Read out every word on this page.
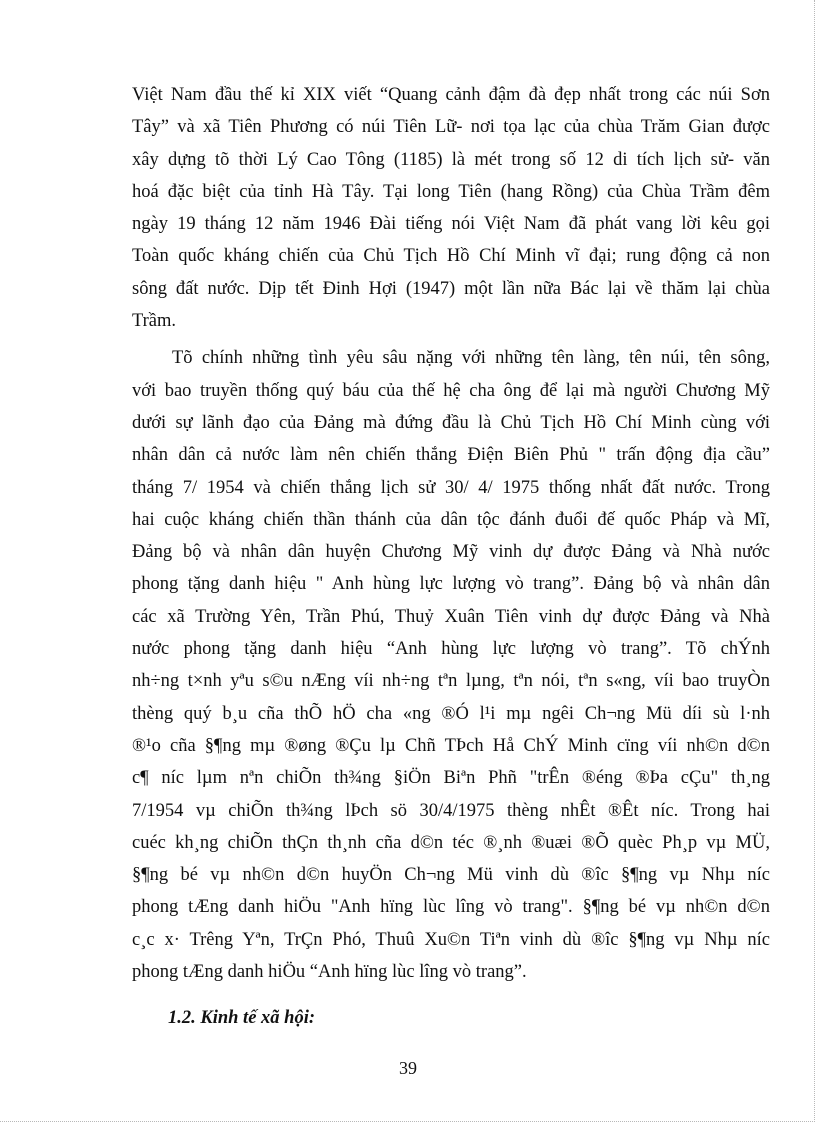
Việt Nam đầu thế kỉ XIX viết “Quang cảnh đậm đà đẹp nhất trong các núi Sơn
Tây” và xã Tiên Phương có núi Tiên Lữ- nơi tọa lạc của chùa Trăm Gian được
xây dựng tõ thời Lý Cao Tông (1185) là mét trong số 12 di tích lịch sử- văn
hoá đặc biệt của tỉnh Hà Tây. Tại long Tiên (hang Rồng) của Chùa Trầm đêm
ngày 19 tháng 12 năm 1946 Đài tiếng nói Việt Nam đã phát vang lời kêu gọi
Toàn quốc kháng chiến của Chủ Tịch Hồ Chí Minh vĩ đại; rung động cả non
sông đất nước. Dịp tết Đinh Hợi (1947) một lần nữa Bác lại về thăm lại chùa
Trầm.

Tõ chính những tình yêu sâu nặng với những tên làng, tên núi, tên sông,
với bao truyền thống quý báu của thế hệ cha ông để lại mà người Chương Mỹ
dưới sự lãnh đạo của Đảng mà đứng đầu là Chủ Tịch Hồ Chí Minh cùng với
nhân dân cả nước làm nên chiến thắng Điện Biên Phủ " trấn động địa cầu”
tháng 7/ 1954 và chiến thắng lịch sử 30/ 4/ 1975 thống nhất đất nước. Trong
hai cuộc kháng chiến thần thánh của dân tộc đánh đuổi đế quốc Pháp và Mĩ,
Đảng bộ và nhân dân huyện Chương Mỹ vinh dự được Đảng và Nhà nước
phong tặng danh hiệu " Anh hùng lực lượng vò trang”. Đảng bộ và nhân dân
các xã Trường Yên, Trần Phú, Thuỷ Xuân Tiên vinh dự được Đảng và Nhà
nước phong tặng danh hiệu “Anh hùng lực lượng vò trang”. Tõ chÝnh
nh÷ng t×nh yªu s©u nÆng víi nh÷ng tªn lµng, tªn nói, tªn s«ng, víi bao truyÒn
thèng quý b¸u cña thÕ hÖ cha «ng ®Ó l¹i mµ ngêi Ch¬ng Mü díi sù l·nh
®¹o cña §¶ng mµ ®øng ®Çu lµ Chñ TÞch Hå ChÝ Minh cïng víi nh©n d©n
c¶ níc lµm nªn chiÕn th¾ng §iÖn Biªn Phñ "trÊn ®éng ®Þa cÇu" th¸ng
7/1954 vµ chiÕn th¾ng lÞch sö 30/4/1975 thèng nhÊt ®Êt níc. Trong hai
cuéc kh¸ng chiÕn thÇn th¸nh cña d©n téc ®¸nh ®uæi ®Õ quèc Ph¸p vµ MÜ,
§¶ng bé vµ nh©n d©n huyÖn Ch¬ng Mü vinh dù ®îc §¶ng vµ Nhµ níc
phong tÆng danh hiÖu "Anh hïng lùc lîng vò trang". §¶ng bé vµ nh©n d©n
c¸c x· Trêng Yªn, TrÇn Phó, Thuû Xu©n Tiªn vinh dù ®îc §¶ng vµ Nhµ níc
phong tÆng danh hiÖu “Anh hïng lùc lîng vò trang”.

1.2. Kinh tế xã hội:
39
